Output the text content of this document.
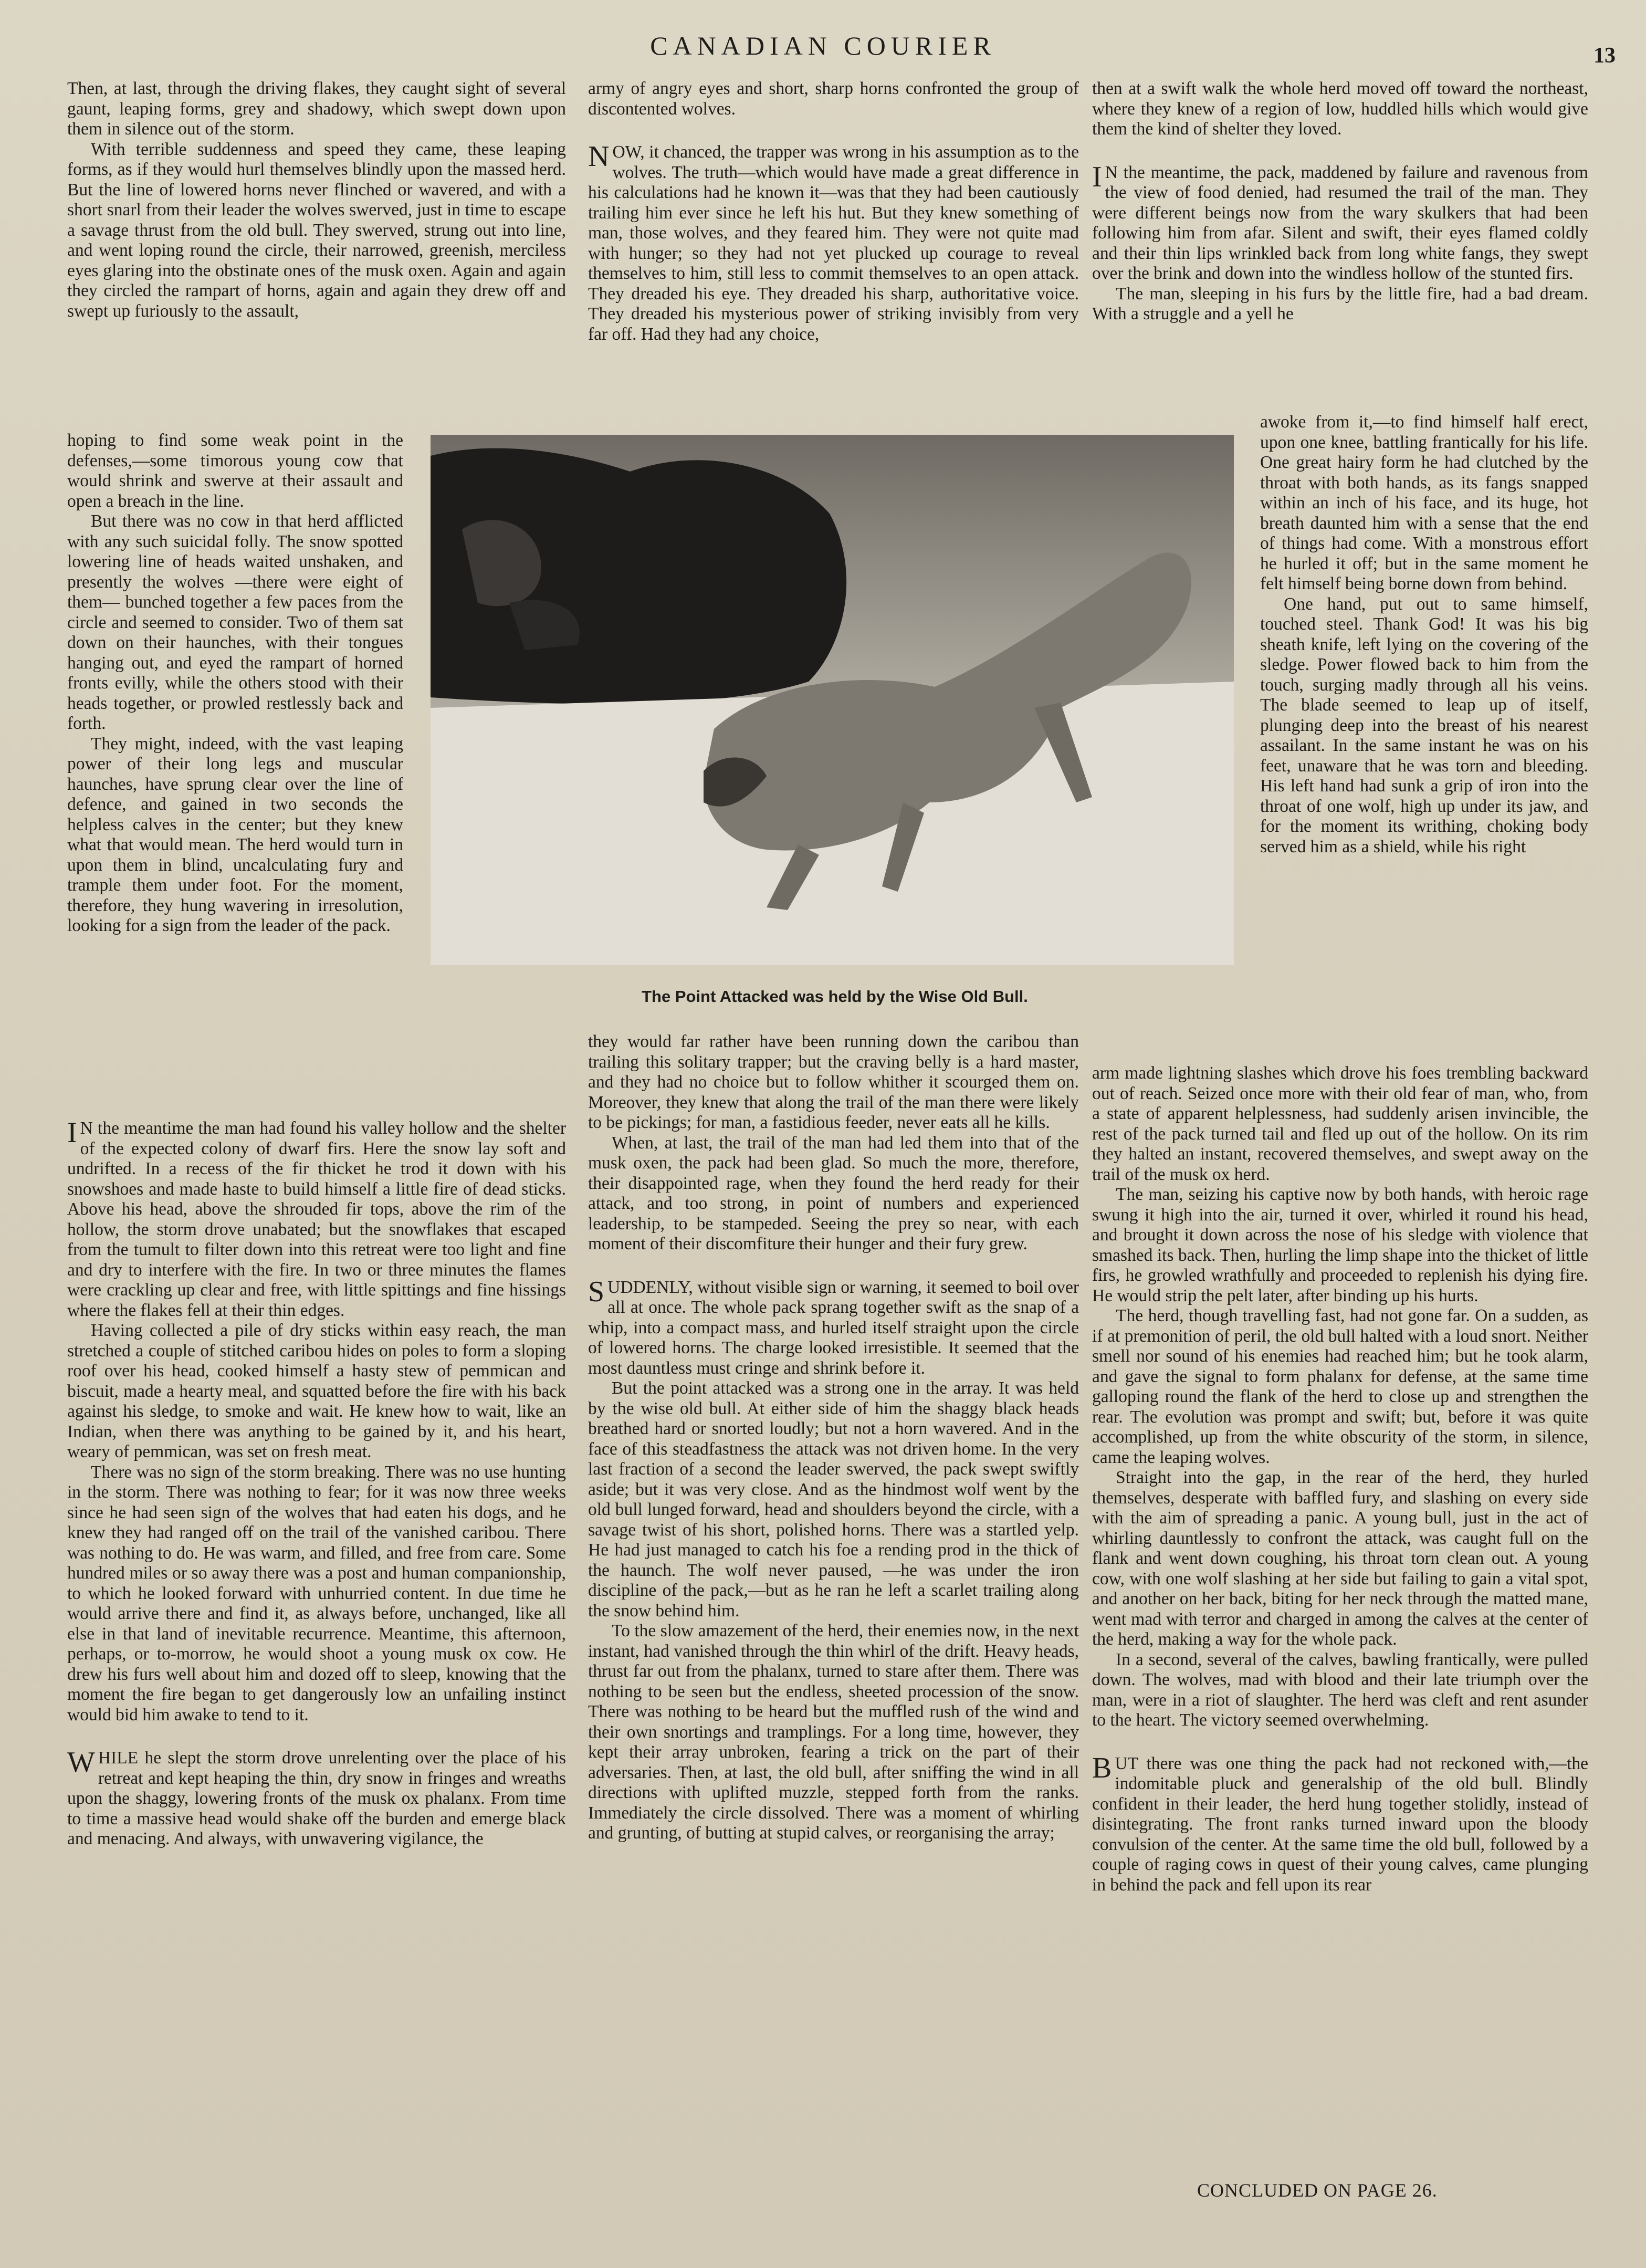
CANADIAN COURIER	13

Then, at last, through the driving flakes, they caught sight of several gaunt, leaping forms, grey and shadowy, which swept down upon them in silence out of the storm.

With terrible suddenness and speed they came, these leaping forms, as if they would hurl themselves blindly upon the massed herd. But the line of lowered horns never flinched or wavered, and with a short snarl from their leader the wolves swerved, just in time to escape a savage thrust from the old bull. They swerved, strung out into line, and went loping round the circle, their narrowed, greenish, merciless eyes glaring into the obstinate ones of the musk oxen. Again and again they circled the rampart of horns, again and again they drew off and swept up furiously to the assault,

hoping to find some weak point in the defenses,—some timorous young cow that would shrink and swerve at their assault and open a breach in the line.

But there was no cow in that herd afflicted with any such suicidal folly. The snow spotted lowering line of heads waited unshaken, and presently the wolves —there were eight of them— bunched together a few paces from the circle and seemed to consider. Two of them sat down on their haunches, with their tongues hanging out, and eyed the rampart of horned fronts evilly, while the others stood with their heads together, or prowled restlessly back and forth.

They might, indeed, with the vast leaping power of their long legs and muscular haunches, have sprung clear over the line of defence, and gained in two seconds the helpless calves in the center; but they knew what that would mean. The herd would turn in upon them in blind, uncalculating fury and trample them under foot. For the moment, therefore, they hung wavering in irresolution, looking for a sign from the leader of the pack.

IN the meantime the man had found his valley hollow and the shelter of the expected colony of dwarf firs. Here the snow lay soft and undrifted. In a recess of the fir thicket he trod it down with his snowshoes and made haste to build himself a little fire of dead sticks. Above his head, above the shrouded fir tops, above the rim of the hollow, the storm drove unabated; but the snowflakes that escaped from the tumult to filter down into this retreat were too light and fine and dry to interfere with the fire. In two or three minutes the flames were crackling up clear and free, with little spittings and fine hissings where the flakes fell at their thin edges.

Having collected a pile of dry sticks within easy reach, the man stretched a couple of stitched caribou hides on poles to form a sloping roof over his head, cooked himself a hasty stew of pemmican and biscuit, made a hearty meal, and squatted before the fire with his back against his sledge, to smoke and wait. He knew how to wait, like an Indian, when there was anything to be gained by it, and his heart, weary of pemmican, was set on fresh meat.

There was no sign of the storm breaking. There was no use hunting in the storm. There was nothing to fear; for it was now three weeks since he had seen sign of the wolves that had eaten his dogs, and he knew they had ranged off on the trail of the vanished caribou. There was nothing to do. He was warm, and filled, and free from care. Some hundred miles or so away there was a post and human companionship, to which he looked forward with unhurried content. In due time he would arrive there and find it, as always before, unchanged, like all else in that land of inevitable recurrence. Meantime, this afternoon, perhaps, or to-morrow, he would shoot a young musk ox cow. He drew his furs well about him and dozed off to sleep, knowing that the moment the fire began to get dangerously low an unfailing instinct would bid him awake to tend to it.

WHILE he slept the storm drove unrelenting over the place of his retreat and kept heaping the thin, dry snow in fringes and wreaths upon the shaggy, lowering fronts of the musk ox phalanx. From time to time a massive head would shake off the burden and emerge black and menacing. And always, with unwavering vigilance, the

army of angry eyes and short, sharp horns confronted the group of discontented wolves.

NOW, it chanced, the trapper was wrong in his assumption as to the wolves. The truth—which would have made a great difference in his calculations had he known it—was that they had been cautiously trailing him ever since he left his hut. But they knew something of man, those wolves, and they feared him. They were not quite mad with hunger; so they had not yet plucked up courage to reveal themselves to him, still less to commit themselves to an open attack. They dreaded his eye. They dreaded his sharp, authoritative voice. They dreaded his mysterious power of striking invisibly from very far off. Had they had any choice,

The Point Attacked was held by the Wise Old Bull.

they would far rather have been running down the caribou than trailing this solitary trapper; but the craving belly is a hard master, and they had no choice but to follow whither it scourged them on. Moreover, they knew that along the trail of the man there were likely to be pickings; for man, a fastidious feeder, never eats all he kills.

When, at last, the trail of the man had led them into that of the musk oxen, the pack had been glad. So much the more, therefore, their disappointed rage, when they found the herd ready for their attack, and too strong, in point of numbers and experienced leadership, to be stampeded. Seeing the prey so near, with each moment of their discomfiture their hunger and their fury grew.

SUDDENLY, without visible sign or warning, it seemed to boil over all at once. The whole pack sprang together swift as the snap of a whip, into a compact mass, and hurled itself straight upon the circle of lowered horns. The charge looked irresistible. It seemed that the most dauntless must cringe and shrink before it.

But the point attacked was a strong one in the array. It was held by the wise old bull. At either side of him the shaggy black heads breathed hard or snorted loudly; but not a horn wavered. And in the face of this steadfastness the attack was not driven home. In the very last fraction of a second the leader swerved, the pack swept swiftly aside; but it was very close. And as the hindmost wolf went by the old bull lunged forward, head and shoulders beyond the circle, with a savage twist of his short, polished horns. There was a startled yelp. He had just managed to catch his foe a rending prod in the thick of the haunch. The wolf never paused, —he was under the iron discipline of the pack,—but as he ran he left a scarlet trailing along the snow behind him.

To the slow amazement of the herd, their enemies now, in the next instant, had vanished through the thin whirl of the drift. Heavy heads, thrust far out from the phalanx, turned to stare after them. There was nothing to be seen but the endless, sheeted procession of the snow. There was nothing to be heard but the muffled rush of the wind and their own snortings and tramplings. For a long time, however, they kept their array unbroken, fearing a trick on the part of their adversaries. Then, at last, the old bull, after sniffing the wind in all directions with uplifted muzzle, stepped forth from the ranks. Immediately the circle dissolved. There was a moment of whirling and grunting, of butting at stupid calves, or reorganising the array;

then at a swift walk the whole herd moved off toward the northeast, where they knew of a region of low, huddled hills which would give them the kind of shelter they loved.

IN the meantime, the pack, maddened by failure and ravenous from the view of food denied, had resumed the trail of the man. They were different beings now from the wary skulkers that had been following him from afar. Silent and swift, their eyes flamed coldly and their thin lips wrinkled back from long white fangs, they swept over the brink and down into the windless hollow of the stunted firs.

The man, sleeping in his furs by the little fire, had a bad dream. With a struggle and a yell he

awoke from it,—to find himself half erect, upon one knee, battling frantically for his life. One great hairy form he had clutched by the throat with both hands, as its fangs snapped within an inch of his face, and its huge, hot breath daunted him with a sense that the end of things had come. With a monstrous effort he hurled it off; but in the same moment he felt himself being borne down from behind.

One hand, put out to same himself, touched steel. Thank God! It was his big sheath knife, left lying on the covering of the sledge. Power flowed back to him from the touch, surging madly through all his veins. The blade seemed to leap up of itself, plunging deep into the breast of his nearest assailant. In the same instant he was on his feet, unaware that he was torn and bleeding. His left hand had sunk a grip of iron into the throat of one wolf, high up under its jaw, and for the moment its writhing, choking body served him as a shield, while his right

arm made lightning slashes which drove his foes trembling backward out of reach. Seized once more with their old fear of man, who, from a state of apparent helplessness, had suddenly arisen invincible, the rest of the pack turned tail and fled up out of the hollow. On its rim they halted an instant, recovered themselves, and swept away on the trail of the musk ox herd.

The man, seizing his captive now by both hands, with heroic rage swung it high into the air, turned it over, whirled it round his head, and brought it down across the nose of his sledge with violence that smashed its back. Then, hurling the limp shape into the thicket of little firs, he growled wrathfully and proceeded to replenish his dying fire. He would strip the pelt later, after binding up his hurts.

The herd, though travelling fast, had not gone far. On a sudden, as if at premonition of peril, the old bull halted with a loud snort. Neither smell nor sound of his enemies had reached him; but he took alarm, and gave the signal to form phalanx for defense, at the same time galloping round the flank of the herd to close up and strengthen the rear. The evolution was prompt and swift; but, before it was quite accomplished, up from the white obscurity of the storm, in silence, came the leaping wolves.

Straight into the gap, in the rear of the herd, they hurled themselves, desperate with baffled fury, and slashing on every side with the aim of spreading a panic. A young bull, just in the act of whirling dauntlessly to confront the attack, was caught full on the flank and went down coughing, his throat torn clean out. A young cow, with one wolf slashing at her side but failing to gain a vital spot, and another on her back, biting for her neck through the matted mane, went mad with terror and charged in among the calves at the center of the herd, making a way for the whole pack.

In a second, several of the calves, bawling frantically, were pulled down. The wolves, mad with blood and their late triumph over the man, were in a riot of slaughter. The herd was cleft and rent asunder to the heart. The victory seemed overwhelming.

BUT there was one thing the pack had not reckoned with,—the indomitable pluck and generalship of the old bull. Blindly confident in their leader, the herd hung together stolidly, instead of disintegrating. The front ranks turned inward upon the bloody convulsion of the center. At the same time the old bull, followed by a couple of raging cows in quest of their young calves, came plunging in behind the pack and fell upon its rear

CONCLUDED ON PAGE 26.
